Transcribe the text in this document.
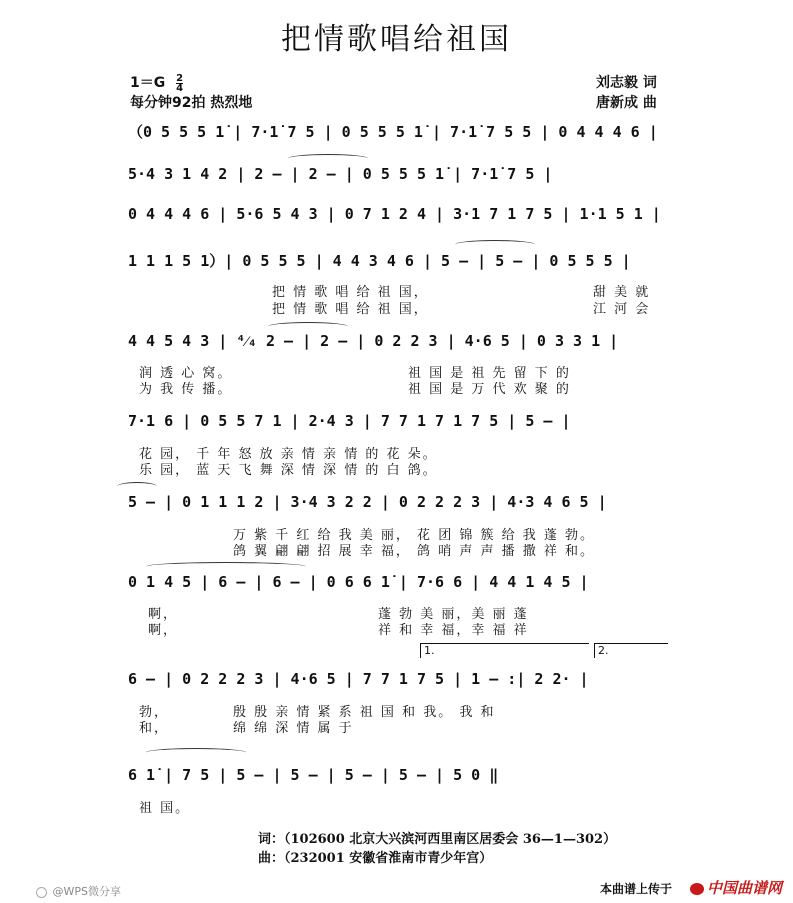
把情歌唱给祖国
$1=G \frac{2}{4}$
每分钟92拍 热烈地
刘志毅 词
唐新成 曲
（0 5 5 5 1̇ | 7·1̇ 7 5 | 0 5 5 5 1̇ | 7·1̇ 7 5 5 | 0 4 4 4 6 |
5·4 3 1 4 2 | 2 – | 2 – | 0 5 5 5 1̇ | 7·1̇ 7 5 |
0 4 4 4 6 | 5·6 5 4 3 | 0 7 1 2 4 | 3·1 7 1 7 5 | 1·1 5 1 |
1 1 1 5 1）| 0 5 5 5 | 4 4 3 4 6 | 5 – | 5 – | 0 5 5 5 |
把 情 歌 唱 给 祖 国，
把 情 歌 唱 给 祖 国，
甜 美 就
江 河 会
4 4 5 4 3 | ⁴⁄₄ 2 – | 2 – | 0 2 2 3 | 4·6 5 | 0 3 3 1 |
润 透 心 窝。
为 我 传 播。
祖 国 是 祖 先 留 下 的
祖 国 是 万 代 欢 聚 的
7·1 6 | 0 5 5 7 1 | 2·4 3 | 7 7 1 7 1 7 5 | 5 – |
花 园， 千 年 怒 放 亲 情 亲 情 的 花 朵。
乐 园， 蓝 天 飞 舞 深 情 深 情 的 白 鸽。
5 – | 0 1 1 1 2 | 3·4 3 2 2 | 0 2 2 2 3 | 4·3 4 6 5 |
万 紫 千 红 给 我 美 丽， 花 团 锦 簇 给 我 蓬 勃。
鸽 翼 翩 翩 招 展 幸 福， 鸽 哨 声 声 播 撒 祥 和。
0 1 4 5 | 6 – | 6 – | 0 6 6 1̇ | 7·6 6 | 4 4 1 4 5 |
啊，
啊，
蓬 勃 美 丽，美 丽 蓬
祥 和 幸 福，幸 福 祥
1.	2.
6 – | 0 2 2 2 3 | 4·6 5 | 7 7 1 7 5 | 1 – :| 2 2· |
勃，
和，
殷 殷 亲 情 紧 系 祖 国 和 我。 我 和
绵 绵 深 情 属 于
6 1̇ | 7 5 | 5 – | 5 – | 5 – | 5 – | 5 0 ‖
祖 国。
词：（102600 北京大兴滨河西里南区居委会 36—1—302）
曲：（232001 安徽省淮南市青少年宫）
@WPS微分享	本曲谱上传于	中国曲谱网
